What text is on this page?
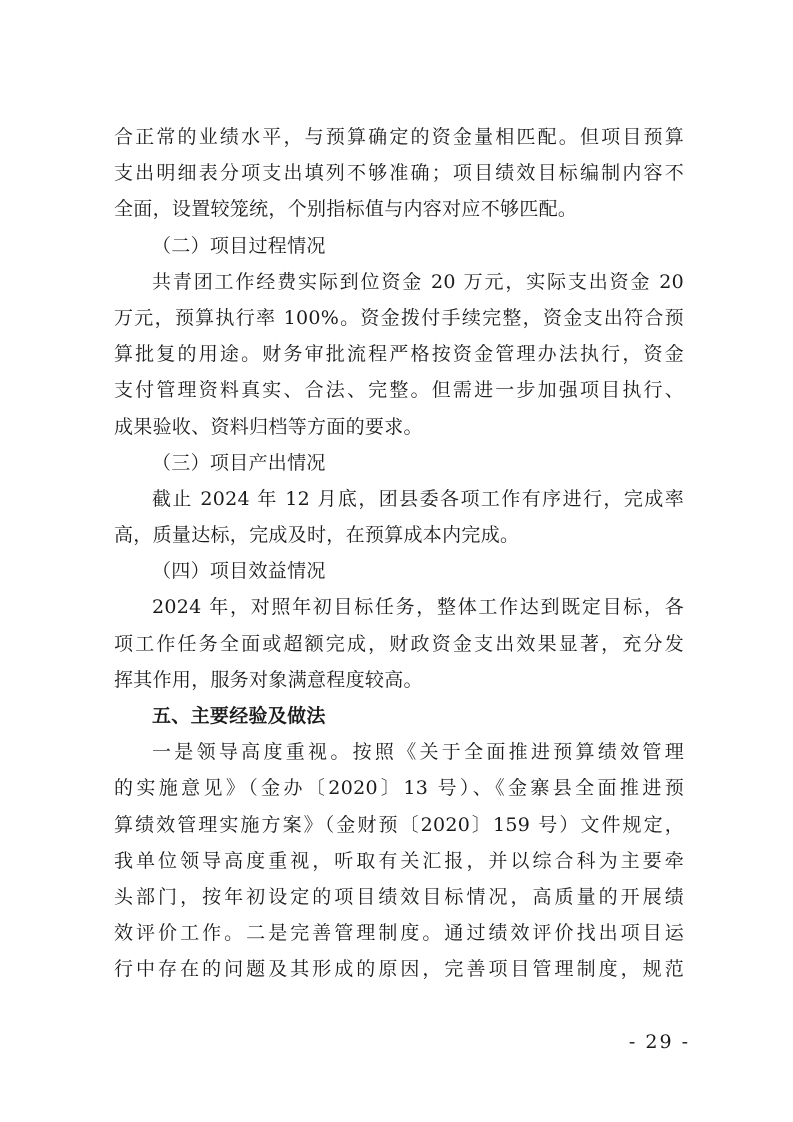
合正常的业绩水平，与预算确定的资金量相匹配。但项目预算
支出明细表分项支出填列不够准确；项目绩效目标编制内容不
全面，设置较笼统，个别指标值与内容对应不够匹配。
（二）项目过程情况
共青团工作经费实际到位资金 20 万元，实际支出资金 20
万元，预算执行率 100%。资金拨付手续完整，资金支出符合预
算批复的用途。财务审批流程严格按资金管理办法执行，资金
支付管理资料真实、合法、完整。但需进一步加强项目执行、
成果验收、资料归档等方面的要求。
（三）项目产出情况
截止 2024 年 12 月底，团县委各项工作有序进行，完成率
高，质量达标，完成及时，在预算成本内完成。
（四）项目效益情况
2024 年，对照年初目标任务，整体工作达到既定目标，各
项工作任务全面或超额完成，财政资金支出效果显著，充分发
挥其作用，服务对象满意程度较高。
五、主要经验及做法
一是领导高度重视。按照《关于全面推进预算绩效管理
的实施意见》（金办〔2020〕13 号）、《金寨县全面推进预
算绩效管理实施方案》（金财预〔2020〕159 号）文件规定，
我单位领导高度重视，听取有关汇报，并以综合科为主要牵
头部门，按年初设定的项目绩效目标情况，高质量的开展绩
效评价工作。二是完善管理制度。通过绩效评价找出项目运
行中存在的问题及其形成的原因，完善项目管理制度，规范
- 29 -
